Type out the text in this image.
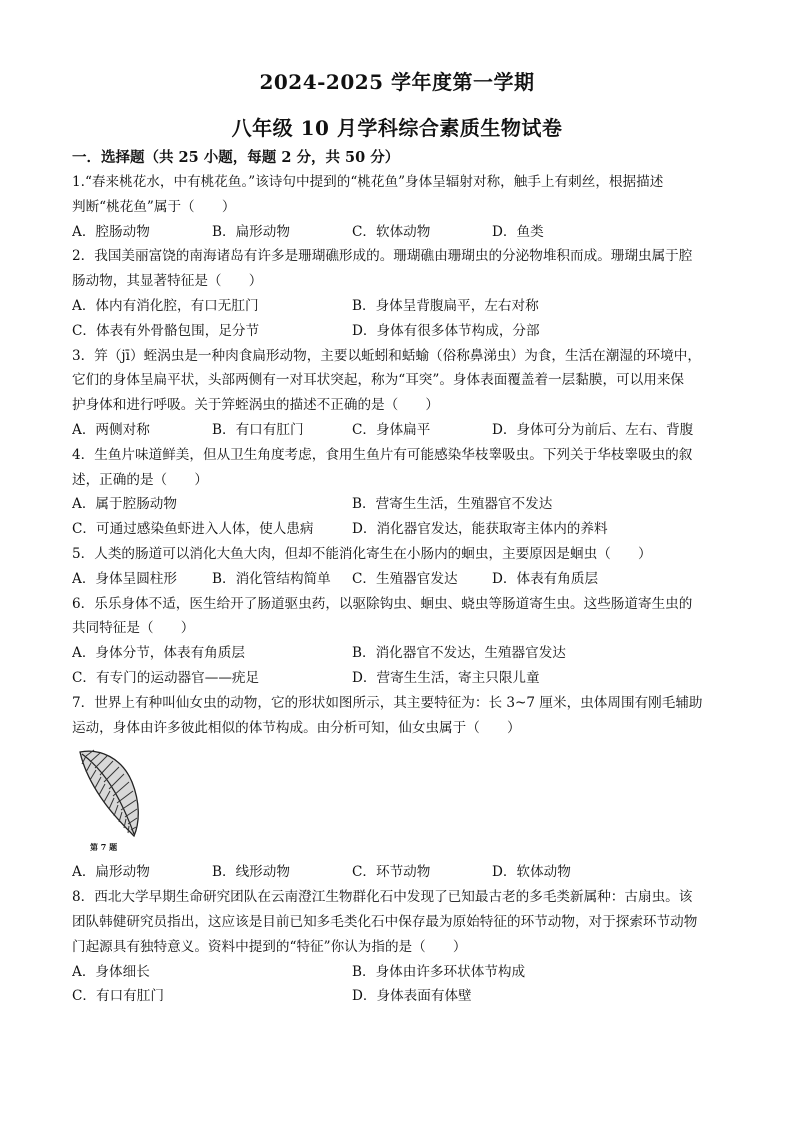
2024-2025 学年度第一学期
八年级 10 月学科综合素质生物试卷
一．选择题（共 25 小题，每题 2 分，共 50 分）
1.“春来桃花水，中有桃花鱼。”该诗句中提到的“桃花鱼”身体呈辐射对称，触手上有刺丝，根据描述
判断“桃花鱼”属于（　　）
A．腔肠动物	B．扁形动物	C．软体动物	D．鱼类
2．我国美丽富饶的南海诸岛有许多是珊瑚礁形成的。珊瑚礁由珊瑚虫的分泌物堆积而成。珊瑚虫属于腔
肠动物，其显著特征是（　　）
A．体内有消化腔，有口无肛门	B．身体呈背腹扁平，左右对称
C．体表有外骨骼包围，足分节	D．身体有很多体节构成，分部
3．笄（jī）蛭涡虫是一种肉食扁形动物，主要以蚯蚓和蛞蝓（俗称鼻涕虫）为食，生活在潮湿的环境中，
它们的身体呈扁平状，头部两侧有一对耳状突起，称为“耳突”。身体表面覆盖着一层黏膜，可以用来保
护身体和进行呼吸。关于笄蛭涡虫的描述不正确的是（　　）
A．两侧对称	B．有口有肛门	C．身体扁平	D．身体可分为前后、左右、背腹
4．生鱼片味道鲜美，但从卫生角度考虑，食用生鱼片有可能感染华枝睾吸虫。下列关于华枝睾吸虫的叙
述，正确的是（　　）
A．属于腔肠动物	B．营寄生生活，生殖器官不发达
C．可通过感染鱼虾进入人体，使人患病	D．消化器官发达，能获取寄主体内的养料
5．人类的肠道可以消化大鱼大肉，但却不能消化寄生在小肠内的蛔虫，主要原因是蛔虫（　　）
A．身体呈圆柱形	B．消化管结构简单	C．生殖器官发达	D．体表有角质层
6．乐乐身体不适，医生给开了肠道驱虫药，以驱除钩虫、蛔虫、蛲虫等肠道寄生虫。这些肠道寄生虫的
共同特征是（　　）
A．身体分节，体表有角质层	B．消化器官不发达，生殖器官发达
C．有专门的运动器官——疣足	D．营寄生生活，寄主只限儿童
7．世界上有种叫仙女虫的动物，它的形状如图所示，其主要特征为：长 3~7 厘米，虫体周围有刚毛辅助
运动，身体由许多彼此相似的体节构成。由分析可知，仙女虫属于（　　）
第 7 题
A．扁形动物	B．线形动物	C．环节动物	D．软体动物
8．西北大学早期生命研究团队在云南澄江生物群化石中发现了已知最古老的多毛类新属种：古扇虫。该
团队韩健研究员指出，这应该是目前已知多毛类化石中保存最为原始特征的环节动物，对于探索环节动物
门起源具有独特意义。资料中提到的“特征”你认为指的是（　　）
A．身体细长	B．身体由许多环状体节构成
C．有口有肛门	D．身体表面有体壁
